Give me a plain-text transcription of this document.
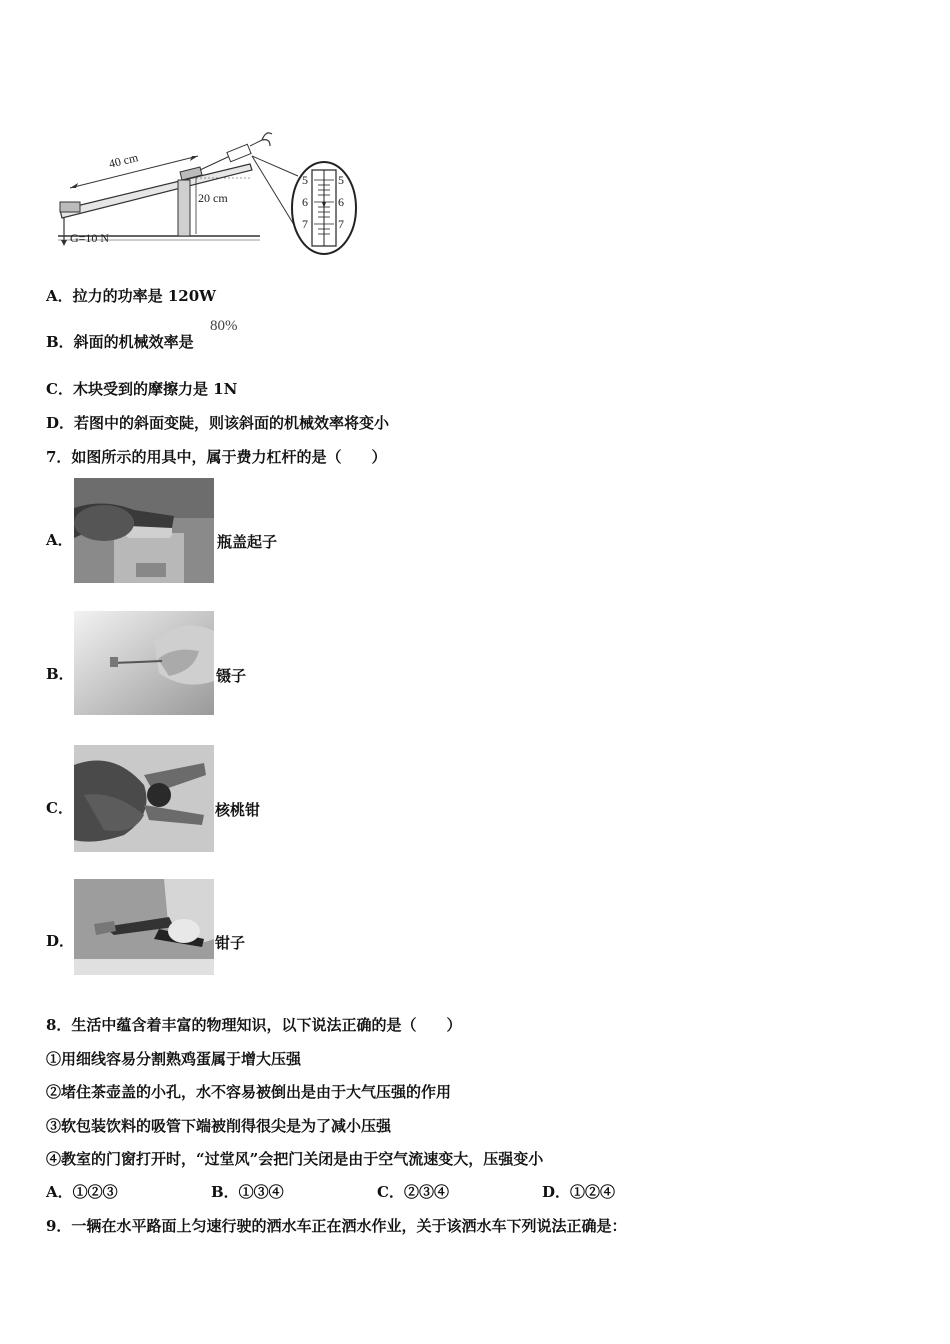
40 cm
20 cm
G=10 N
5
6
7
5
6
7
A．拉力的功率是 120W
B．斜面的机械效率是
80%
C．木块受到的摩擦力是 1N
D．若图中的斜面变陡，则该斜面的机械效率将变小
7．如图所示的用具中，属于费力杠杆的是（　　）
A．	瓶盖起子
B．	镊子
C．	核桃钳
D．	钳子
8．生活中蕴含着丰富的物理知识，以下说法正确的是（　　）
①用细线容易分割熟鸡蛋属于增大压强
②堵住茶壶盖的小孔，水不容易被倒出是由于大气压强的作用
③软包装饮料的吸管下端被削得很尖是为了减小压强
④教室的门窗打开时，“过堂风”会把门关闭是由于空气流速变大，压强变小
A．①②③	B．①③④	C．②③④	D．①②④
9．一辆在水平路面上匀速行驶的洒水车正在洒水作业，关于该洒水车下列说法正确是：
